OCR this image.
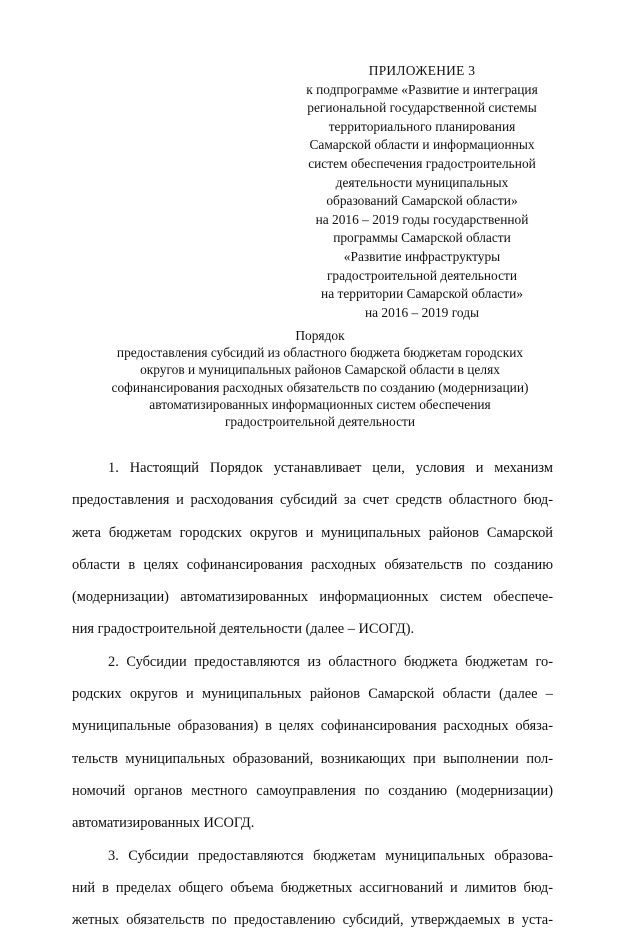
ПРИЛОЖЕНИЕ 3
к подпрограмме «Развитие и интеграция
региональной государственной системы
территориального планирования
Самарской области и информационных
систем обеспечения градостроительной
деятельности муниципальных
образований Самарской области»
на 2016 – 2019 годы государственной
программы Самарской области
«Развитие инфраструктуры
градостроительной деятельности
на территории Самарской области»
на 2016 – 2019 годы
Порядок
предоставления субсидий из областного бюджета бюджетам городских
округов и муниципальных районов Самарской области в целях
софинансирования расходных обязательств по созданию (модернизации)
автоматизированных информационных систем обеспечения
градостроительной деятельности
1. Настоящий Порядок устанавливает цели, условия и механизм
предоставления и расходования субсидий за счет средств областного бюд-
жета бюджетам городских округов и муниципальных районов Самарской
области в целях софинансирования расходных обязательств по созданию
(модернизации) автоматизированных информационных систем обеспече-
ния градостроительной деятельности (далее – ИСОГД).
2. Субсидии предоставляются из областного бюджета бюджетам го-
родских округов и муниципальных районов Самарской области (далее –
муниципальные образования) в целях софинансирования расходных обяза-
тельств муниципальных образований, возникающих при выполнении пол-
номочий органов местного самоуправления по созданию (модернизации)
автоматизированных ИСОГД.
3. Субсидии предоставляются бюджетам муниципальных образова-
ний в пределах общего объема бюджетных ассигнований и лимитов бюд-
жетных обязательств по предоставлению субсидий, утверждаемых в уста-
